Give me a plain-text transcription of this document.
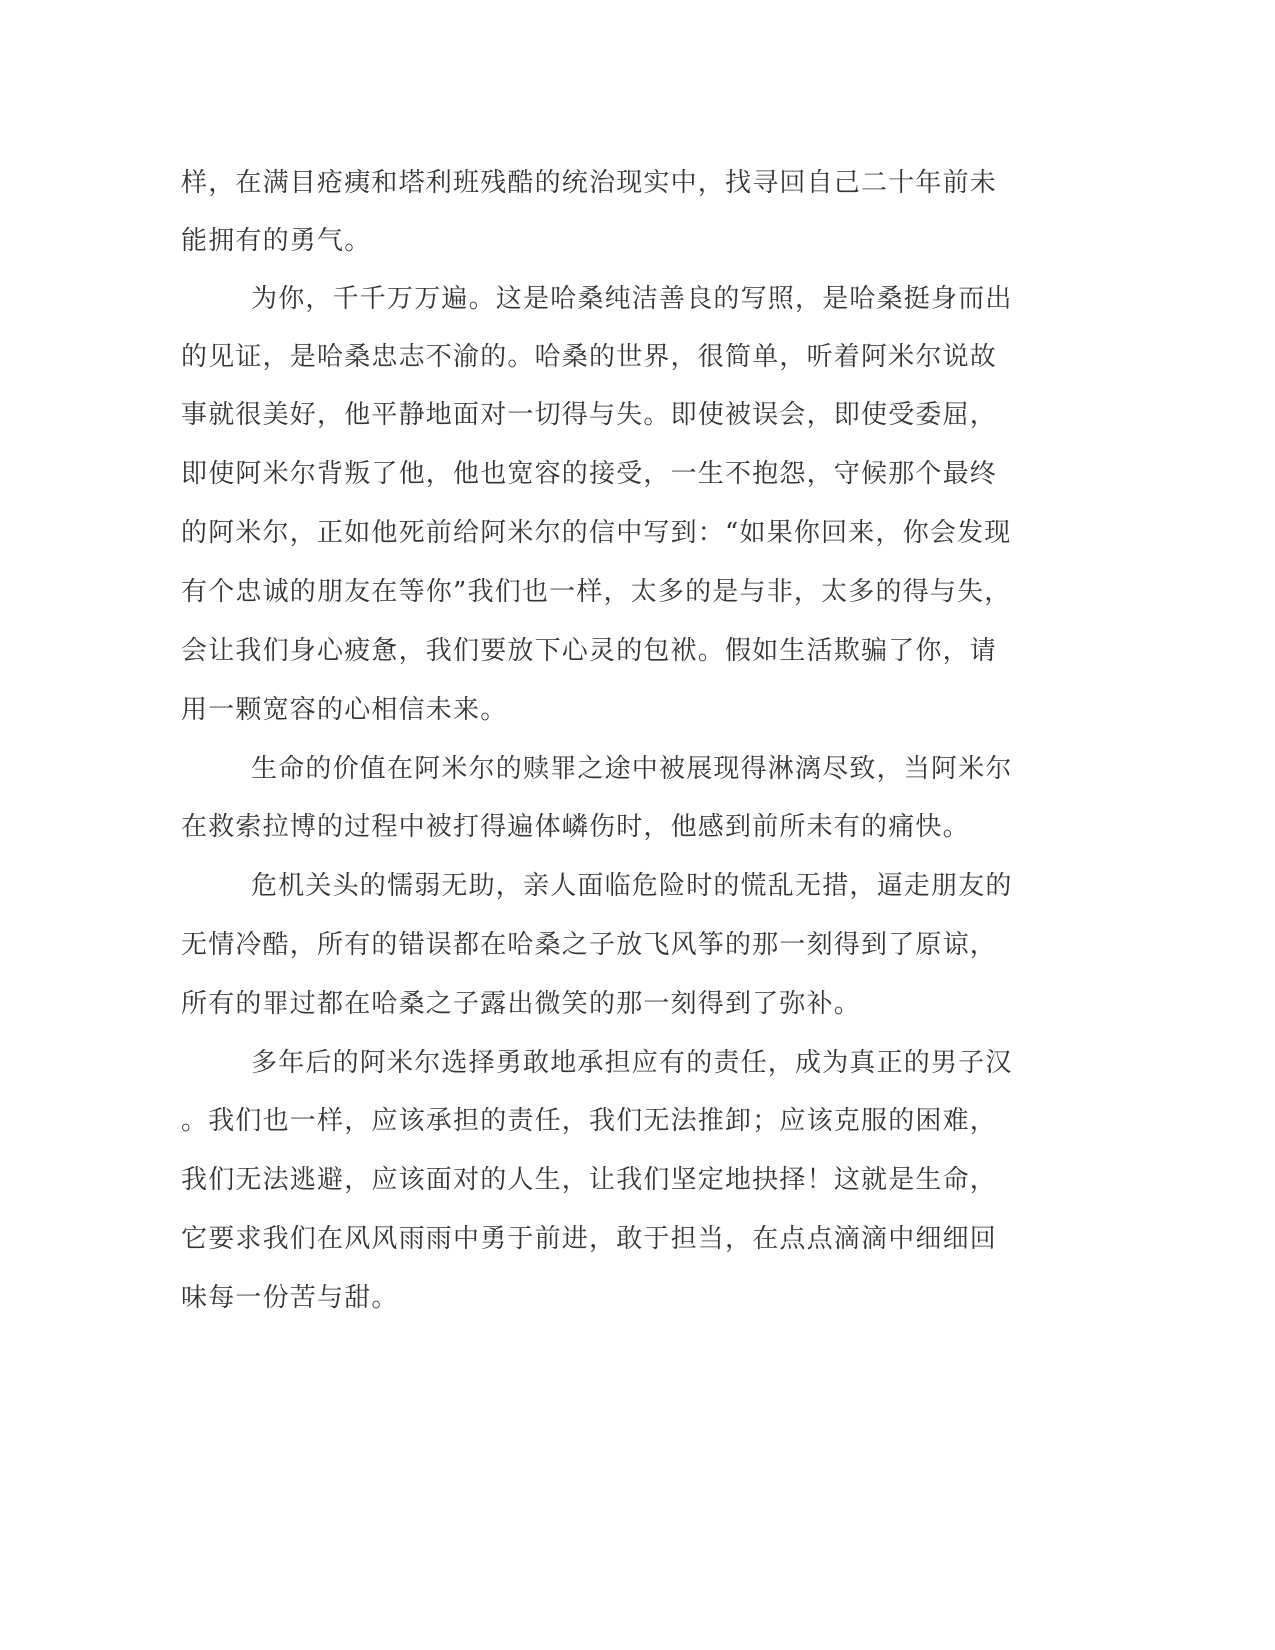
样，在满目疮痍和塔利班残酷的统治现实中，找寻回自己二十年前未
能拥有的勇气。
为你，千千万万遍。这是哈桑纯洁善良的写照，是哈桑挺身而出
的见证，是哈桑忠志不渝的。哈桑的世界，很简单，听着阿米尔说故
事就很美好，他平静地面对一切得与失。即使被误会，即使受委屈，
即使阿米尔背叛了他，他也宽容的接受，一生不抱怨，守候那个最终
的阿米尔，正如他死前给阿米尔的信中写到：“如果你回来，你会发现
有个忠诚的朋友在等你”我们也一样，太多的是与非，太多的得与失，
会让我们身心疲惫，我们要放下心灵的包袱。假如生活欺骗了你，请
用一颗宽容的心相信未来。
生命的价值在阿米尔的赎罪之途中被展现得淋漓尽致，当阿米尔
在救索拉博的过程中被打得遍体嶙伤时，他感到前所未有的痛快。
危机关头的懦弱无助，亲人面临危险时的慌乱无措，逼走朋友的
无情冷酷，所有的错误都在哈桑之子放飞风筝的那一刻得到了原谅，
所有的罪过都在哈桑之子露出微笑的那一刻得到了弥补。
多年后的阿米尔选择勇敢地承担应有的责任，成为真正的男子汉
。我们也一样，应该承担的责任，我们无法推卸；应该克服的困难，
我们无法逃避，应该面对的人生，让我们坚定地抉择！这就是生命，
它要求我们在风风雨雨中勇于前进，敢于担当，在点点滴滴中细细回
味每一份苦与甜。
